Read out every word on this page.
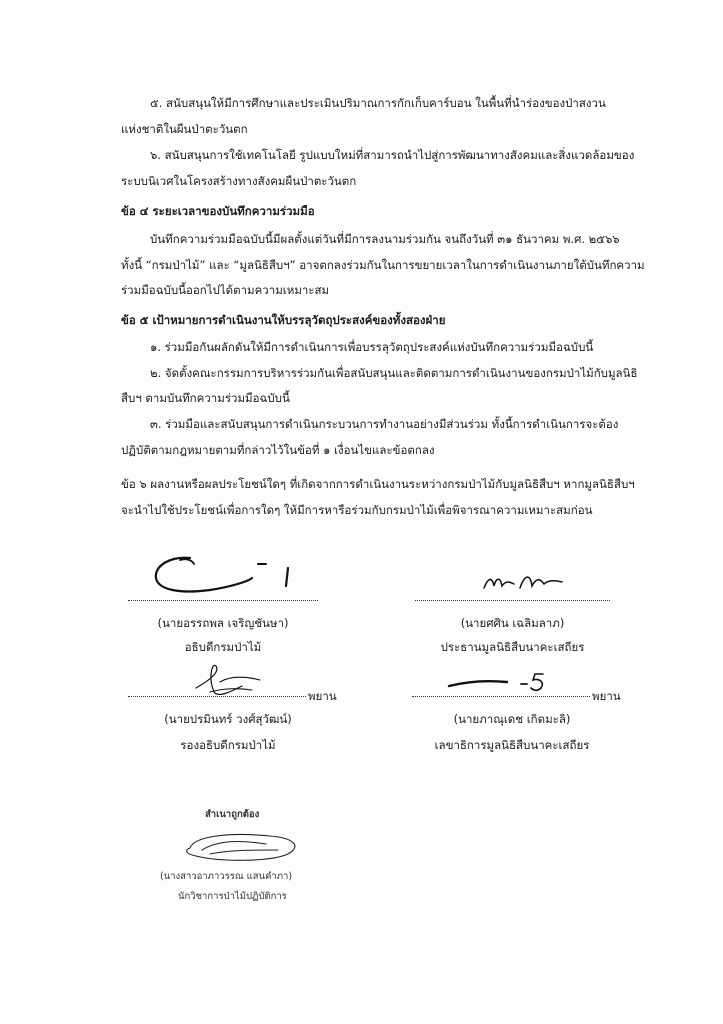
๕. สนับสนุนให้มีการศึกษาและประเมินปริมาณการกักเก็บคาร์บอน ในพื้นที่นำร่องของป่าสงวน
แห่งชาติในผืนป่าตะวันตก
๖. สนับสนุนการใช้เทคโนโลยี รูปแบบใหม่ที่สามารถนำไปสู่การพัฒนาทางสังคมและสิ่งแวดล้อมของ
ระบบนิเวศในโครงสร้างทางสังคมผืนป่าตะวันตก
ข้อ ๔ ระยะเวลาของบันทึกความร่วมมือ
บันทึกความร่วมมือฉบับนี้มีผลตั้งแต่วันที่มีการลงนามร่วมกัน จนถึงวันที่ ๓๑ ธันวาคม พ.ศ. ๒๕๖๖
ทั้งนี้ “กรมป่าไม้” และ “มูลนิธิสืบฯ” อาจตกลงร่วมกันในการขยายเวลาในการดำเนินงานภายใต้บันทึกความ
ร่วมมือฉบับนี้ออกไปได้ตามความเหมาะสม
ข้อ ๕ เป้าหมายการดำเนินงานให้บรรลุวัตถุประสงค์ของทั้งสองฝ่าย
๑. ร่วมมือกันผลักดันให้มีการดำเนินการเพื่อบรรลุวัตถุประสงค์แห่งบันทึกความร่วมมือฉบับนี้
๒. จัดตั้งคณะกรรมการบริหารร่วมกันเพื่อสนับสนุนและติดตามการดำเนินงานของกรมป่าไม้กับมูลนิธิ
สืบฯ ตามบันทึกความร่วมมือฉบับนี้
๓. ร่วมมือและสนับสนุนการดำเนินกระบวนการทำงานอย่างมีส่วนร่วม ทั้งนี้การดำเนินการจะต้อง
ปฏิบัติตามกฎหมายตามที่กล่าวไว้ในข้อที่ ๑ เงื่อนไขและข้อตกลง
ข้อ ๖ ผลงานหรือผลประโยชน์ใดๆ ที่เกิดจากการดำเนินงานระหว่างกรมป่าไม้กับมูลนิธิสืบฯ หากมูลนิธิสืบฯ
จะนำไปใช้ประโยชน์เพื่อการใดๆ ให้มีการหารือร่วมกับกรมป่าไม้เพื่อพิจารณาความเหมาะสมก่อน
(นายอรรถพล เจริญชันษา)
อธิบดีกรมป่าไม้
(นายศศิน เฉลิมลาภ)
ประธานมูลนิธิสืบนาคะเสถียร
พยาน
(นายปรมินทร์ วงศ์สุวัฒน์)
รองอธิบดีกรมป่าไม้
พยาน
(นายภาณุเดช เกิดมะลิ)
เลขาธิการมูลนิธิสืบนาคะเสถียร
สำเนาถูกต้อง
(นางสาวอาภาวรรณ แสนคำภา)
นักวิชาการป่าไม้ปฏิบัติการ
